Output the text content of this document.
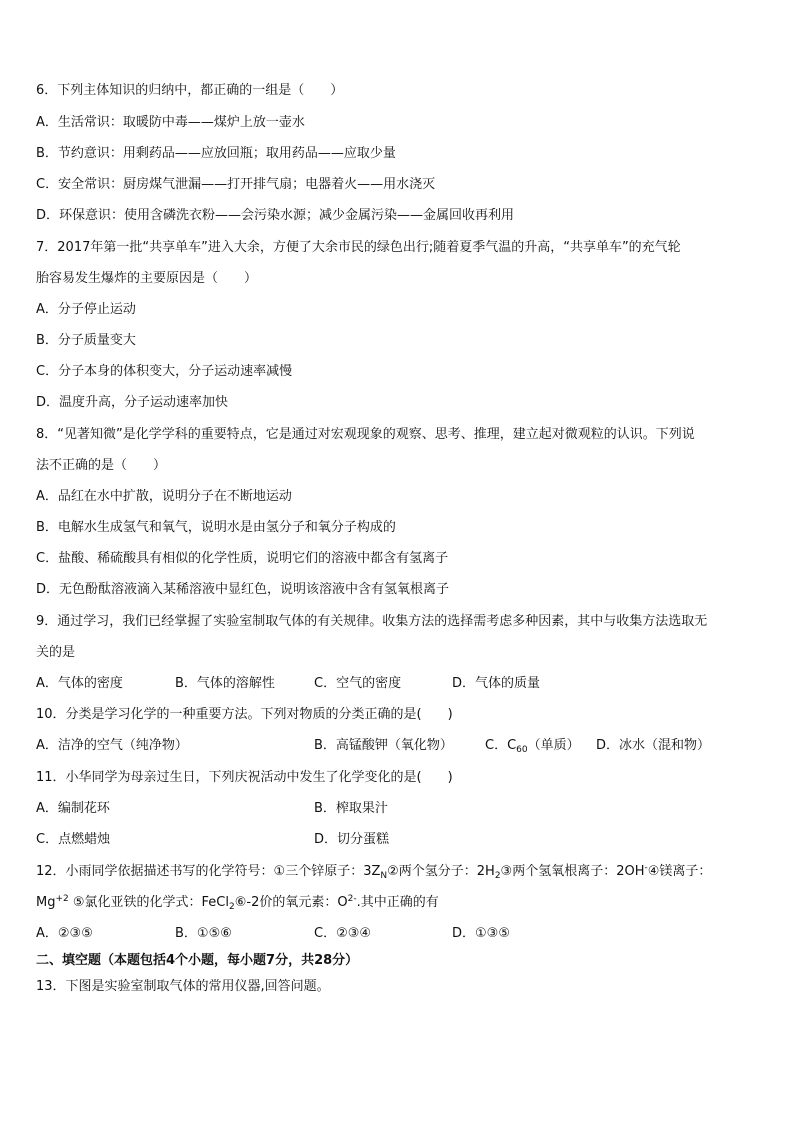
6．下列主体知识的归纳中，都正确的一组是（　　）
A．生活常识：取暖防中毒——煤炉上放一壶水
B．节约意识：用剩药品——应放回瓶；取用药品——应取少量
C．安全常识：厨房煤气泄漏——打开排气扇；电器着火——用水浇灭
D．环保意识：使用含磷洗衣粉——会污染水源；减少金属污染——金属回收再利用
7．2017年第一批“共享单车”进入大余，方便了大余市民的绿色出行;随着夏季气温的升高，“共享单车”的充气轮
胎容易发生爆炸的主要原因是（　　）
A．分子停止运动
B．分子质量变大
C．分子本身的体积变大，分子运动速率减慢
D．温度升高，分子运动速率加快
8．“见著知微”是化学学科的重要特点，它是通过对宏观现象的观察、思考、推理，建立起对微观粒的认识。下列说
法不正确的是（　　）
A．品红在水中扩散，说明分子在不断地运动
B．电解水生成氢气和氧气，说明水是由氢分子和氧分子构成的
C．盐酸、稀硫酸具有相似的化学性质，说明它们的溶液中都含有氢离子
D．无色酚酞溶液滴入某稀溶液中显红色，说明该溶液中含有氢氧根离子
9．通过学习，我们已经掌握了实验室制取气体的有关规律。收集方法的选择需考虑多种因素，其中与收集方法选取无
关的是
A．气体的密度	B．气体的溶解性	C．空气的密度	D．气体的质量
10．分类是学习化学的一种重要方法。下列对物质的分类正确的是(　　)
A．洁净的空气（纯净物）	B．高锰酸钾（氧化物） C．$C_{60}$（单质） D．冰水（混和物）
11．小华同学为母亲过生日，下列庆祝活动中发生了化学变化的是(　　)
A．编制花环	B．榨取果汁
C．点燃蜡烛	D．切分蛋糕
12．小雨同学依据描述书写的化学符号：①三个锌原子：$3Z_N②$两个氢分子：$2H_2③$两个氢氧根离子：2OH-④镁离子：
$Mg^{+2}$ ⑤氯化亚铁的化学式：FeCl$_2$⑥-2价的氧元素：$O^{2-}$.其中正确的有
A．②③⑤	B．①⑤⑥	C．②③④	D．①③⑤
二、填空题（本题包括4个小题，每小题7分，共28分）
13．下图是实验室制取气体的常用仪器,回答问题。
